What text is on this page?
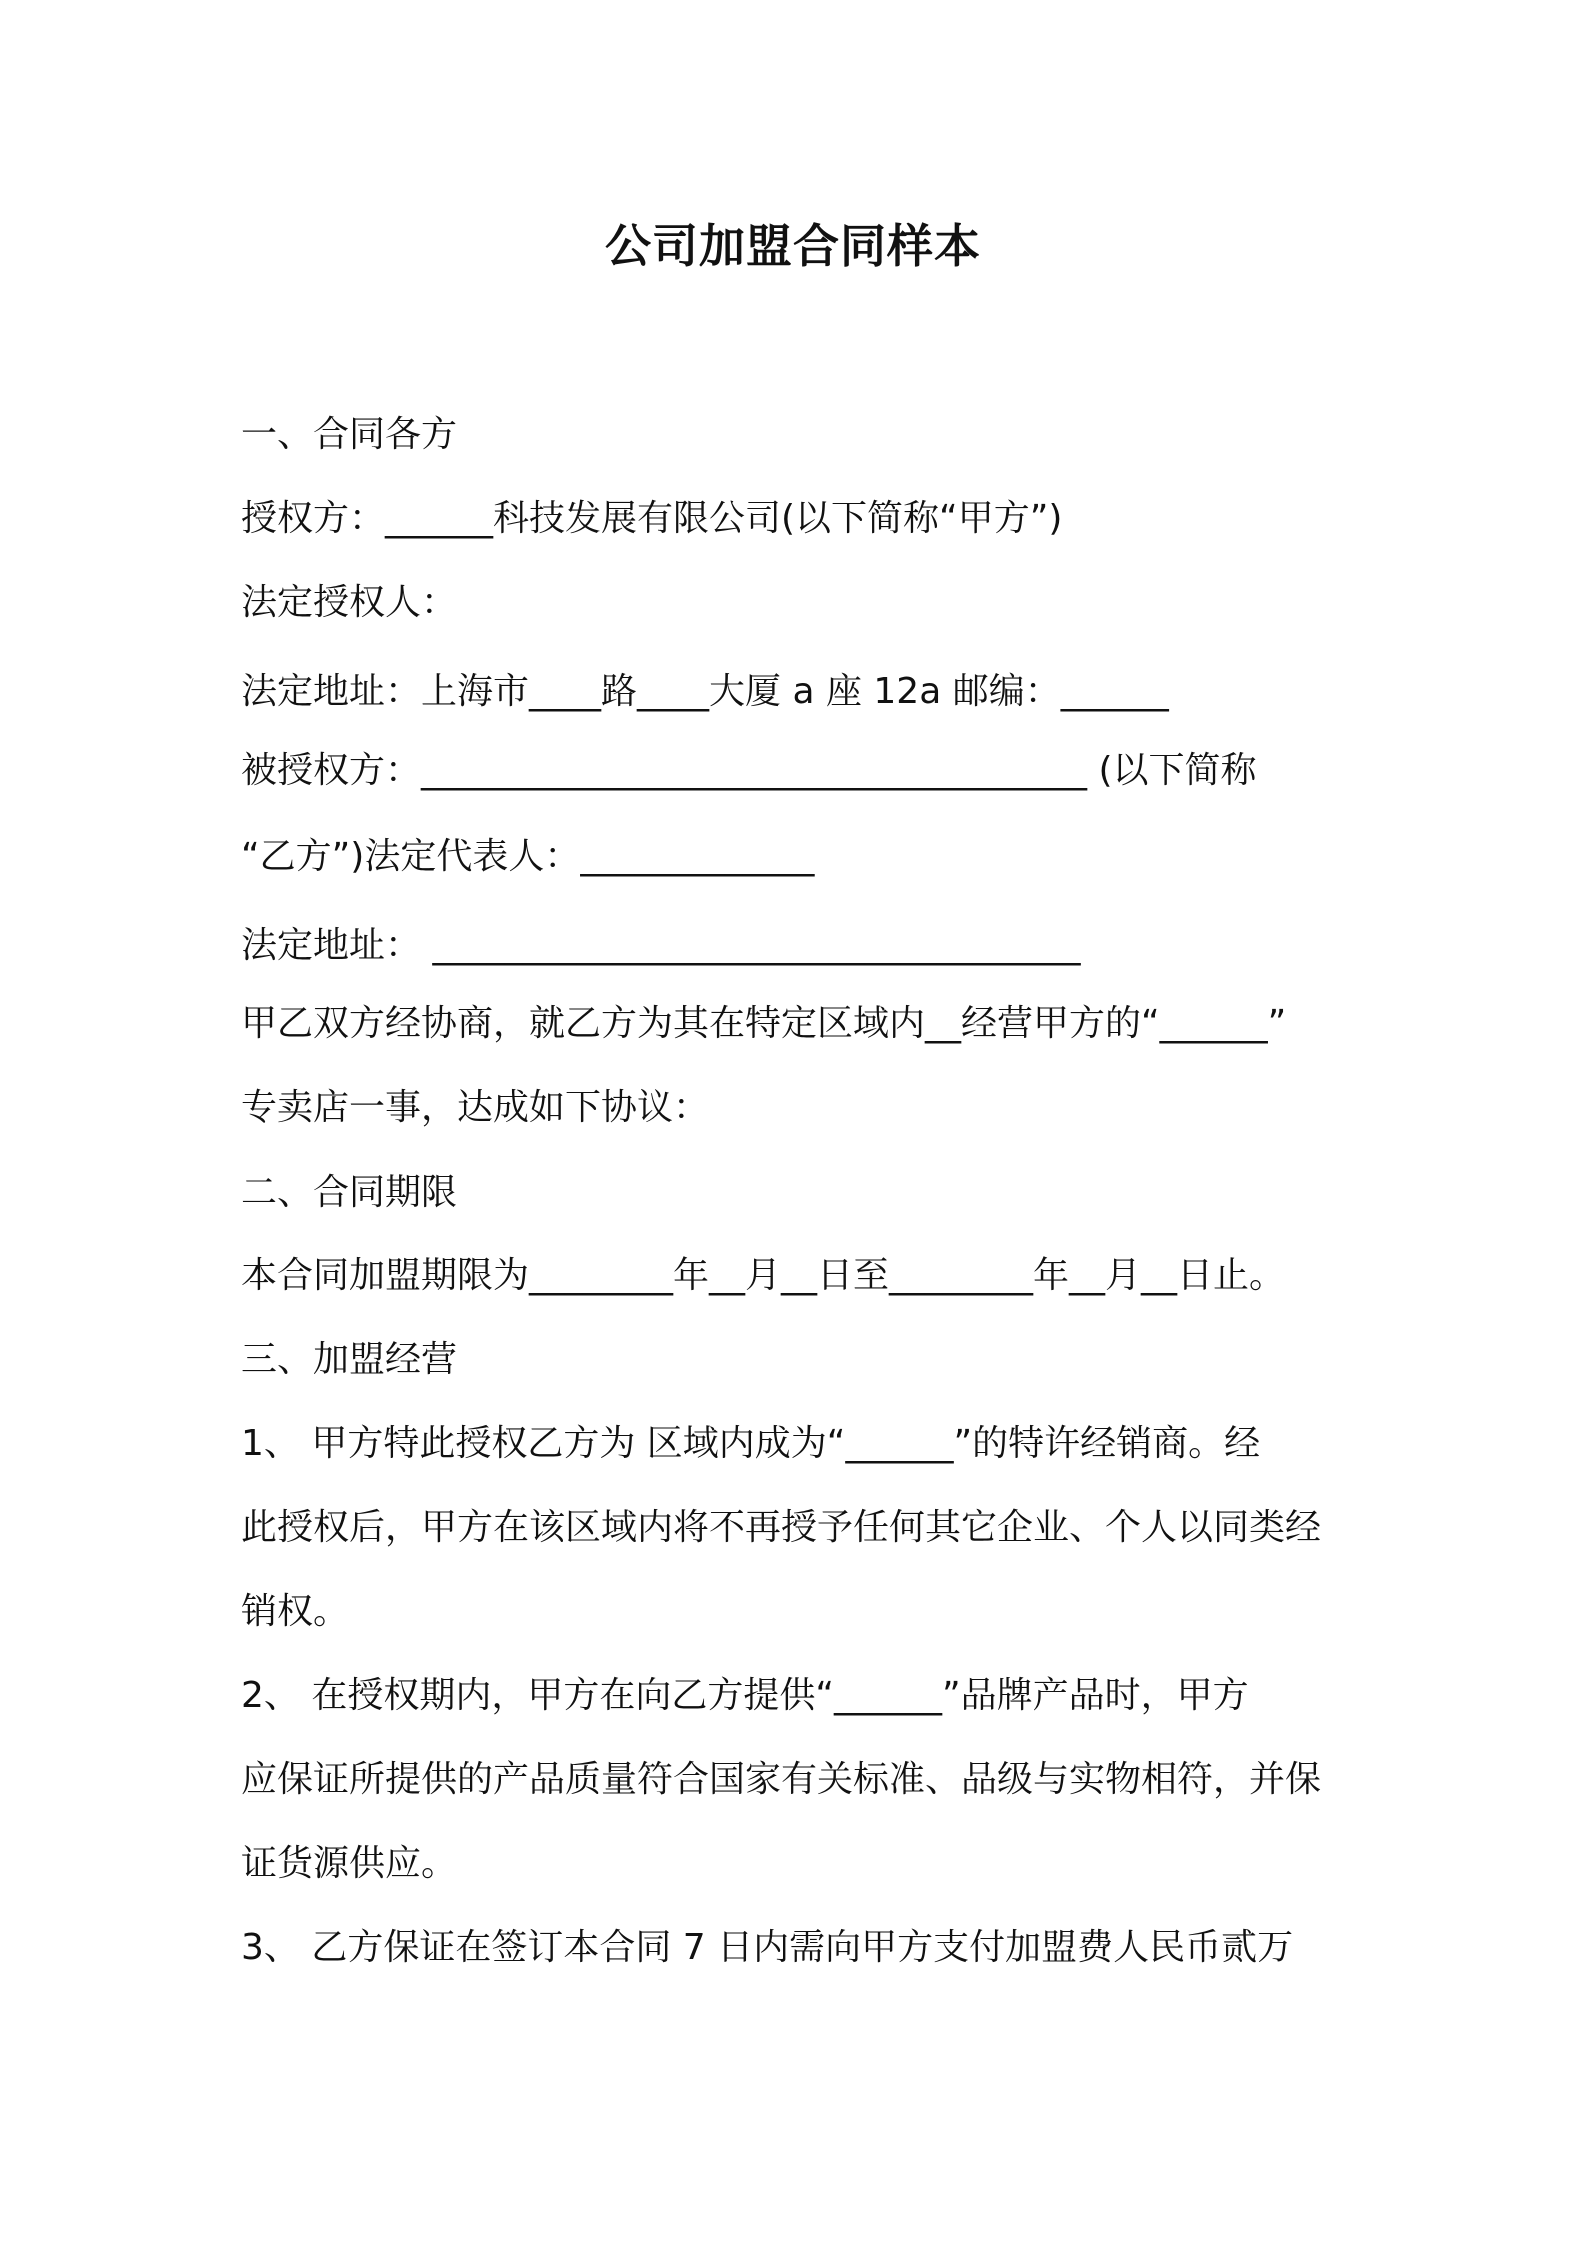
公司加盟合同样本
一、合同各方
授权方：______科技发展有限公司(以下简称“甲方”)
法定授权人：
法定地址：上海市____路____大厦 a 座 12a 邮编：______
被授权方：_____________________________________ (以下简称
“乙方”)法定代表人：_____________
法定地址： ____________________________________
甲乙双方经协商，就乙方为其在特定区域内__经营甲方的“______”
专卖店一事，达成如下协议：
二、合同期限
本合同加盟期限为________年__月__日至________年__月__日止。
三、加盟经营
1、 甲方特此授权乙方为 区域内成为“______”的特许经销商。经
此授权后，甲方在该区域内将不再授予任何其它企业、个人以同类经
销权。
2、 在授权期内，甲方在向乙方提供“______”品牌产品时，甲方
应保证所提供的产品质量符合国家有关标准、品级与实物相符，并保
证货源供应。
3、 乙方保证在签订本合同 7 日内需向甲方支付加盟费人民币贰万
